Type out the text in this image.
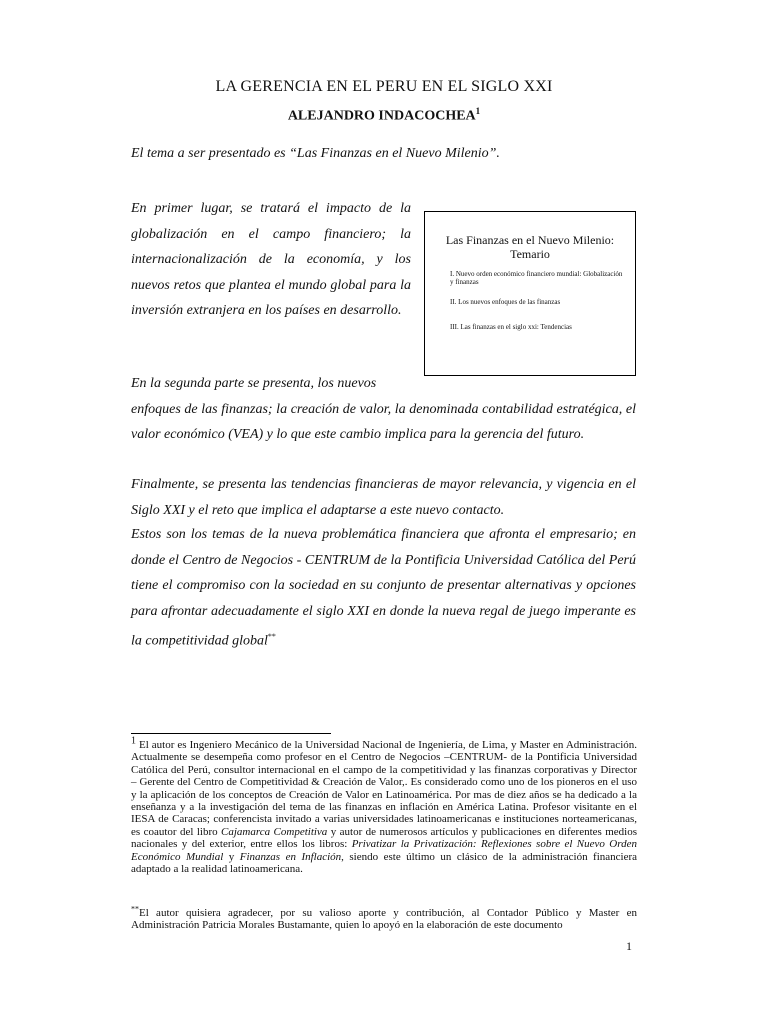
LA GERENCIA EN EL PERU EN EL SIGLO XXI
ALEJANDRO INDACOCHEA$^1$
El tema a ser presentado es “Las Finanzas en el Nuevo Milenio”.
En primer lugar, se tratará el impacto de la globalización en el campo financiero; la internacionalización de la economía, y los nuevos retos que plantea el mundo global para la inversión extranjera en los países en desarrollo.
Las Finanzas en el Nuevo Milenio: Temario
I. Nuevo orden económico financiero mundial: Globalización y finanzas
II. Los nuevos enfoques de las finanzas
III. Las finanzas en el siglo xxi: Tendencias
En la segunda parte se presenta, los nuevos
enfoques de las finanzas; la creación de valor, la denominada contabilidad estratégica, el valor económico (VEA) y lo que este cambio implica para la gerencia del futuro.
Finalmente, se presenta las tendencias financieras de mayor relevancia, y vigencia en el Siglo XXI y el reto que implica el adaptarse a este nuevo contacto.
Estos son los temas de la nueva problemática financiera que afronta el empresario; en donde el Centro de Negocios - CENTRUM de la Pontificia Universidad Católica del Perú tiene el compromiso con la sociedad en su conjunto de presentar alternativas y opciones para afrontar adecuadamente el siglo XXI en donde la nueva regal de juego imperante es la competitividad global**
1 El autor es Ingeniero Mecánico de la Universidad Nacional de Ingeniería, de Lima, y Master en Administración. Actualmente se desempeña como profesor en el Centro de Negocios –CENTRUM- de la Pontificia Universidad Católica del Perú, consultor internacional en el campo de la competitividad y las finanzas corporativas y Director – Gerente del Centro de Competitividad & Creación de Valor,. Es considerado como uno de los pioneros en el uso y la aplicación de los conceptos de Creación de Valor en Latinoamérica. Por mas de diez años se ha dedicado a la enseñanza y a la investigación del tema de las finanzas en inflación en América Latina. Profesor visitante en el IESA de Caracas; conferencista invitado a varias universidades latinoamericanas e instituciones norteamericanas, es coautor del libro Cajamarca Competitiva y autor de numerosos artículos y publicaciones en diferentes medios nacionales y del exterior, entre ellos los libros: Privatizar la Privatización: Reflexiones sobre el Nuevo Orden Económico Mundial y Finanzas en Inflación, siendo este último un clásico de la administración financiera adaptado a la realidad latinoamericana.
**El autor quisiera agradecer, por su valioso aporte y contribución, al Contador Público y Master en Administración Patricia Morales Bustamante, quien lo apoyó en la elaboración de este documento
1
